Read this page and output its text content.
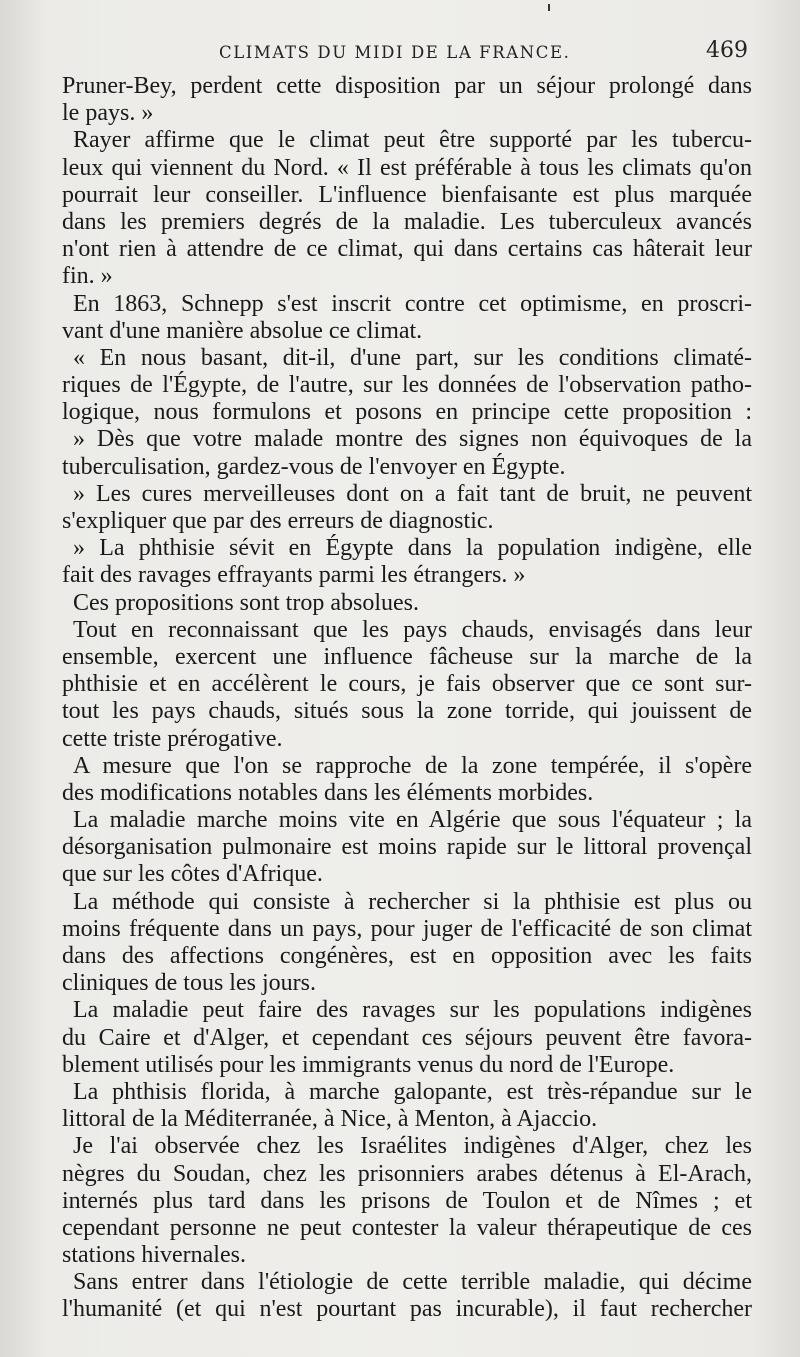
CLIMATS DU MIDI DE LA FRANCE.	469
Pruner-Bey, perdent cette disposition par un séjour prolongé dans
le pays. »
Rayer affirme que le climat peut être supporté par les tubercu-
leux qui viennent du Nord. « Il est préférable à tous les climats qu'on
pourrait leur conseiller. L'influence bienfaisante est plus marquée
dans les premiers degrés de la maladie. Les tuberculeux avancés
n'ont rien à attendre de ce climat, qui dans certains cas hâterait leur
fin. »
En 1863, Schnepp s'est inscrit contre cet optimisme, en proscri-
vant d'une manière absolue ce climat.
« En nous basant, dit-il, d'une part, sur les conditions climaté-
riques de l'Égypte, de l'autre, sur les données de l'observation patho-
logique, nous formulons et posons en principe cette proposition :
» Dès que votre malade montre des signes non équivoques de la
tuberculisation, gardez-vous de l'envoyer en Égypte.
» Les cures merveilleuses dont on a fait tant de bruit, ne peuvent
s'expliquer que par des erreurs de diagnostic.
» La phthisie sévit en Égypte dans la population indigène, elle
fait des ravages effrayants parmi les étrangers. »
Ces propositions sont trop absolues.
Tout en reconnaissant que les pays chauds, envisagés dans leur
ensemble, exercent une influence fâcheuse sur la marche de la
phthisie et en accélèrent le cours, je fais observer que ce sont sur-
tout les pays chauds, situés sous la zone torride, qui jouissent de
cette triste prérogative.
A mesure que l'on se rapproche de la zone tempérée, il s'opère
des modifications notables dans les éléments morbides.
La maladie marche moins vite en Algérie que sous l'équateur ; la
désorganisation pulmonaire est moins rapide sur le littoral provençal
que sur les côtes d'Afrique.
La méthode qui consiste à rechercher si la phthisie est plus ou
moins fréquente dans un pays, pour juger de l'efficacité de son climat
dans des affections congénères, est en opposition avec les faits
cliniques de tous les jours.
La maladie peut faire des ravages sur les populations indigènes
du Caire et d'Alger, et cependant ces séjours peuvent être favora-
blement utilisés pour les immigrants venus du nord de l'Europe.
La phthisis florida, à marche galopante, est très-répandue sur le
littoral de la Méditerranée, à Nice, à Menton, à Ajaccio.
Je l'ai observée chez les Israélites indigènes d'Alger, chez les
nègres du Soudan, chez les prisonniers arabes détenus à El-Arach,
internés plus tard dans les prisons de Toulon et de Nîmes ; et
cependant personne ne peut contester la valeur thérapeutique de ces
stations hivernales.
Sans entrer dans l'étiologie de cette terrible maladie, qui décime
l'humanité (et qui n'est pourtant pas incurable), il faut rechercher
